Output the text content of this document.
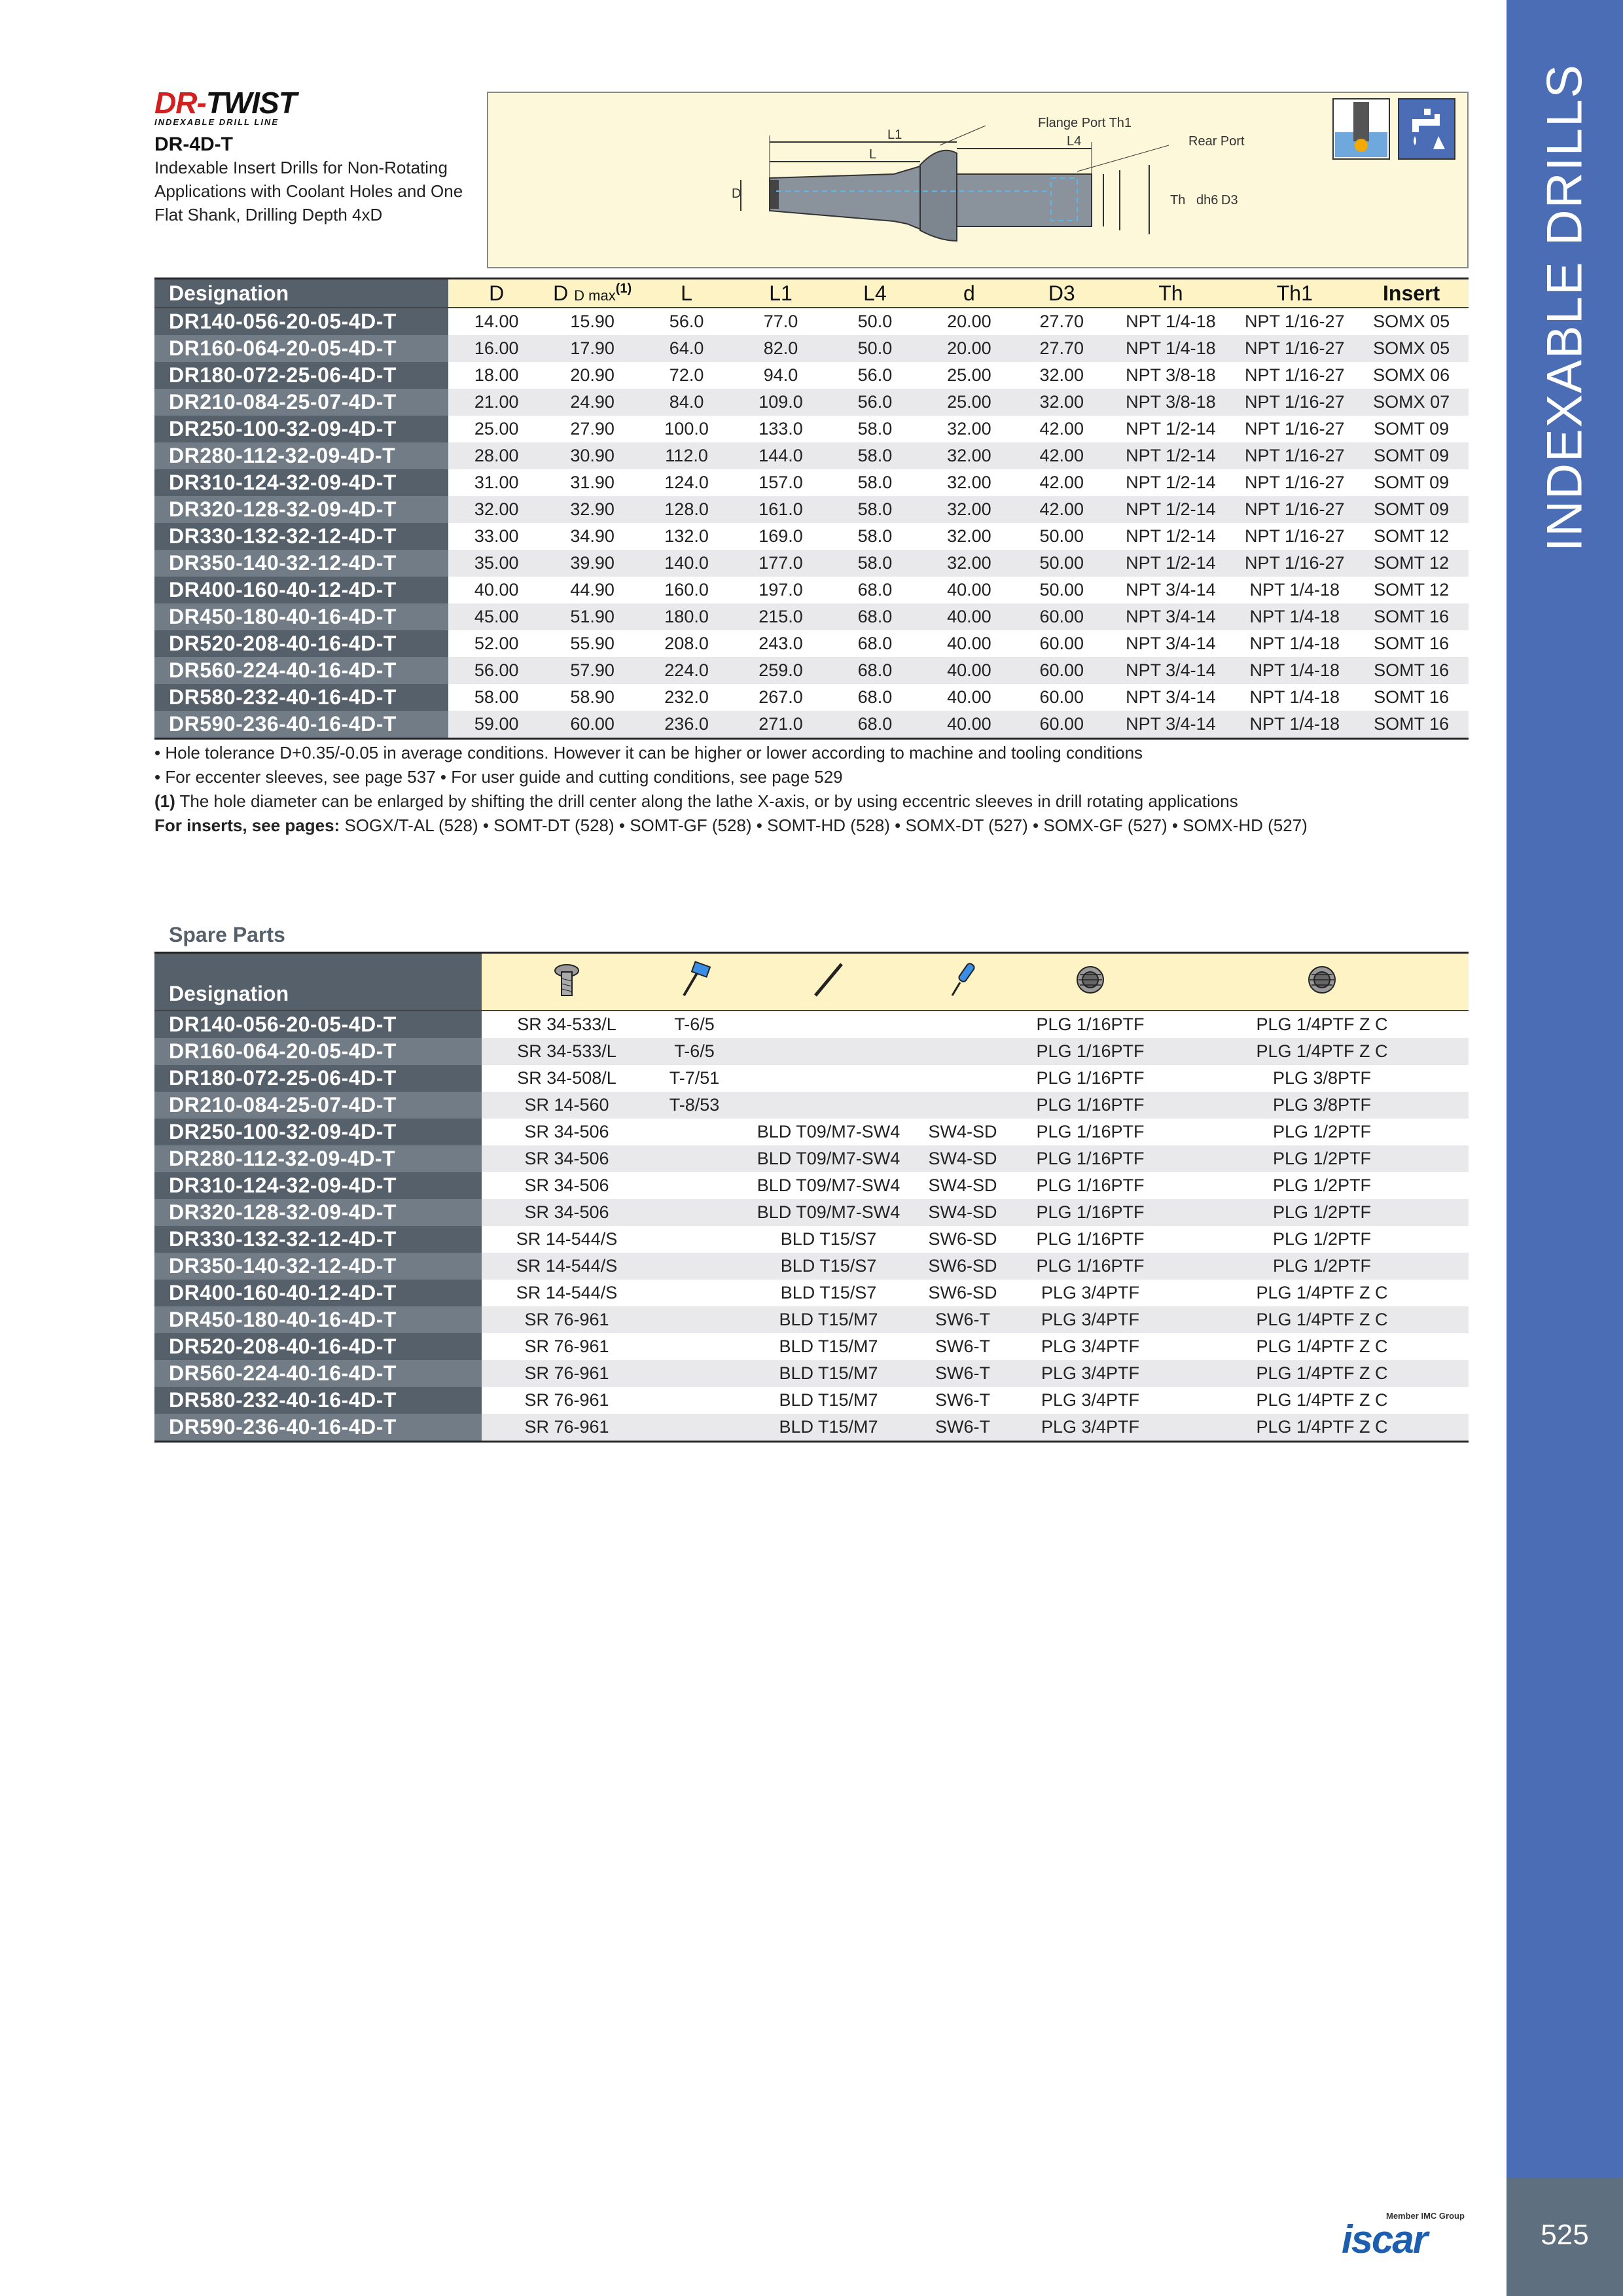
INDEXABLE DRILLS
525
DR-TWIST
INDEXABLE DRILL LINE
DR-4D-T
Indexable Insert Drills for Non-Rotating Applications with Coolant Holes and One Flat Shank, Drilling Depth 4xD
Flange Port Th1
Rear Port
L1	L4
L
D	Th dh6 D3
Designation	D	D D $\max^{(1)}$	L	L1	L4	d	D3	Th	Th1	Insert
DR140-056-20-05-4D-T	14.00	15.90	56.0	77.0	50.0	20.00	27.70	NPT 1/4-18	NPT 1/16-27	SOMX 05
DR160-064-20-05-4D-T	16.00	17.90	64.0	82.0	50.0	20.00	27.70	NPT 1/4-18	NPT 1/16-27	SOMX 05
DR180-072-25-06-4D-T	18.00	20.90	72.0	94.0	56.0	25.00	32.00	NPT 3/8-18	NPT 1/16-27	SOMX 06
DR210-084-25-07-4D-T	21.00	24.90	84.0	109.0	56.0	25.00	32.00	NPT 3/8-18	NPT 1/16-27	SOMX 07
DR250-100-32-09-4D-T	25.00	27.90	100.0	133.0	58.0	32.00	42.00	NPT 1/2-14	NPT 1/16-27	SOMT 09
DR280-112-32-09-4D-T	28.00	30.90	112.0	144.0	58.0	32.00	42.00	NPT 1/2-14	NPT 1/16-27	SOMT 09
DR310-124-32-09-4D-T	31.00	31.90	124.0	157.0	58.0	32.00	42.00	NPT 1/2-14	NPT 1/16-27	SOMT 09
DR320-128-32-09-4D-T	32.00	32.90	128.0	161.0	58.0	32.00	42.00	NPT 1/2-14	NPT 1/16-27	SOMT 09
DR330-132-32-12-4D-T	33.00	34.90	132.0	169.0	58.0	32.00	50.00	NPT 1/2-14	NPT 1/16-27	SOMT 12
DR350-140-32-12-4D-T	35.00	39.90	140.0	177.0	58.0	32.00	50.00	NPT 1/2-14	NPT 1/16-27	SOMT 12
DR400-160-40-12-4D-T	40.00	44.90	160.0	197.0	68.0	40.00	50.00	NPT 3/4-14	NPT 1/4-18	SOMT 12
DR450-180-40-16-4D-T	45.00	51.90	180.0	215.0	68.0	40.00	60.00	NPT 3/4-14	NPT 1/4-18	SOMT 16
DR520-208-40-16-4D-T	52.00	55.90	208.0	243.0	68.0	40.00	60.00	NPT 3/4-14	NPT 1/4-18	SOMT 16
DR560-224-40-16-4D-T	56.00	57.90	224.0	259.0	68.0	40.00	60.00	NPT 3/4-14	NPT 1/4-18	SOMT 16
DR580-232-40-16-4D-T	58.00	58.90	232.0	267.0	68.0	40.00	60.00	NPT 3/4-14	NPT 1/4-18	SOMT 16
DR590-236-40-16-4D-T	59.00	60.00	236.0	271.0	68.0	40.00	60.00	NPT 3/4-14	NPT 1/4-18	SOMT 16
• Hole tolerance D+0.35/-0.05 in average conditions. However it can be higher or lower according to machine and tooling conditions
• For eccenter sleeves, see page 537 • For user guide and cutting conditions, see page 529
(1) The hole diameter can be enlarged by shifting the drill center along the lathe X-axis, or by using eccentric sleeves in drill rotating applications
For inserts, see pages: SOGX/T-AL (528) • SOMT-DT (528) • SOMT-GF (528) • SOMT-HD (528) • SOMX-DT (527) • SOMX-GF (527) • SOMX-HD (527)
Spare Parts
Designation						
DR140-056-20-05-4D-T	SR 34-533/L	T-6/5			PLG 1/16PTF	PLG 1/4PTF Z C
DR160-064-20-05-4D-T	SR 34-533/L	T-6/5			PLG 1/16PTF	PLG 1/4PTF Z C
DR180-072-25-06-4D-T	SR 34-508/L	T-7/51			PLG 1/16PTF	PLG 3/8PTF
DR210-084-25-07-4D-T	SR 14-560	T-8/53			PLG 1/16PTF	PLG 3/8PTF
DR250-100-32-09-4D-T	SR 34-506		BLD T09/M7-SW4	SW4-SD	PLG 1/16PTF	PLG 1/2PTF
DR280-112-32-09-4D-T	SR 34-506		BLD T09/M7-SW4	SW4-SD	PLG 1/16PTF	PLG 1/2PTF
DR310-124-32-09-4D-T	SR 34-506		BLD T09/M7-SW4	SW4-SD	PLG 1/16PTF	PLG 1/2PTF
DR320-128-32-09-4D-T	SR 34-506		BLD T09/M7-SW4	SW4-SD	PLG 1/16PTF	PLG 1/2PTF
DR330-132-32-12-4D-T	SR 14-544/S		BLD T15/S7	SW6-SD	PLG 1/16PTF	PLG 1/2PTF
DR350-140-32-12-4D-T	SR 14-544/S		BLD T15/S7	SW6-SD	PLG 1/16PTF	PLG 1/2PTF
DR400-160-40-12-4D-T	SR 14-544/S		BLD T15/S7	SW6-SD	PLG 3/4PTF	PLG 1/4PTF Z C
DR450-180-40-16-4D-T	SR 76-961		BLD T15/M7	SW6-T	PLG 3/4PTF	PLG 1/4PTF Z C
DR520-208-40-16-4D-T	SR 76-961		BLD T15/M7	SW6-T	PLG 3/4PTF	PLG 1/4PTF Z C
DR560-224-40-16-4D-T	SR 76-961		BLD T15/M7	SW6-T	PLG 3/4PTF	PLG 1/4PTF Z C
DR580-232-40-16-4D-T	SR 76-961		BLD T15/M7	SW6-T	PLG 3/4PTF	PLG 1/4PTF Z C
DR590-236-40-16-4D-T	SR 76-961		BLD T15/M7	SW6-T	PLG 3/4PTF	PLG 1/4PTF Z C
Member IMC Group
iscar
